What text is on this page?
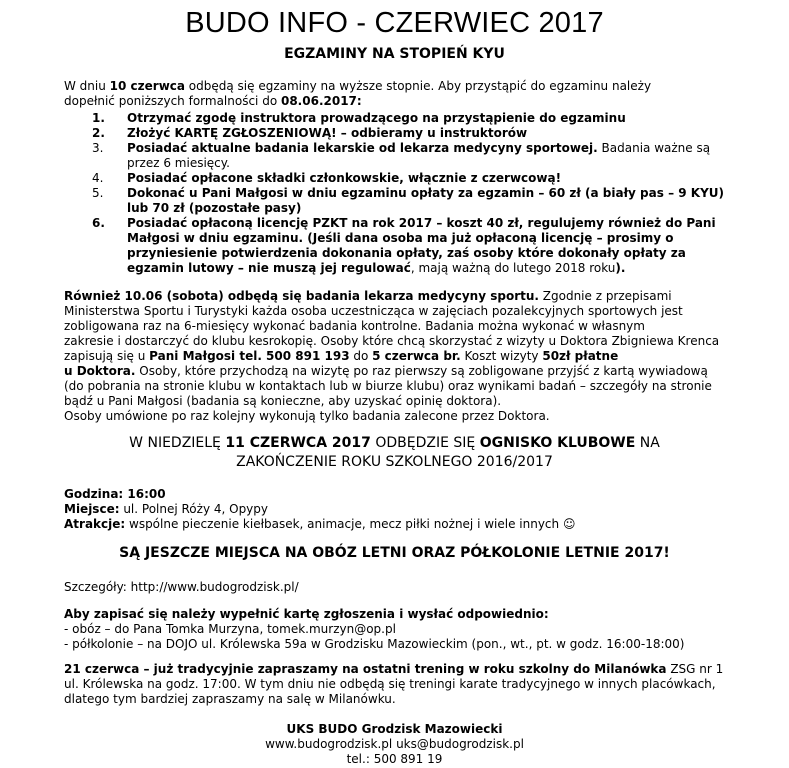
BUDO INFO - CZERWIEC 2017
EGZAMINY NA STOPIEŃ KYU

W dniu 10 czerwca odbędą się egzaminy na wyższe stopnie. Aby przystąpić do egzaminu należy

dopełnić poniższych formalności do 08.06.2017:

1. Otrzymać zgodę instruktora prowadzącego na przystąpienie do egzaminu
2. Złożyć KARTĘ ZGŁOSZENIOWĄ! – odbieramy u instruktorów
3. Posiadać aktualne badania lekarskie od lekarza medycyny sportowej. Badania ważne są przez 6 miesięcy.
4. Posiadać opłacone składki członkowskie, włącznie z czerwcową!
5. Dokonać u Pani Małgosi w dniu egzaminu opłaty za egzamin – 60 zł (a biały pas – 9 KYU) lub 70 zł (pozostałe pasy)
6. Posiadać opłaconą licencję PZKT na rok 2017 – koszt 40 zł, regulujemy również do Pani Małgosi w dniu egzaminu. (Jeśli dana osoba ma już opłaconą licencję – prosimy o przyniesienie potwierdzenia dokonania opłaty, zaś osoby które dokonały opłaty za egzamin lutowy – nie muszą jej regulować, mają ważną do lutego 2018 roku).

Również 10.06 (sobota) odbędą się badania lekarza medycyny sportu. Zgodnie z przepisami Ministerstwa Sportu i Turystyki każda osoba uczestnicząca w zajęciach pozalekcyjnych sportowych jest zobligowana raz na 6-miesięcy wykonać badania kontrolne. Badania można wykonać w własnym

zakresie i dostarczyć do klubu kesrokopię. Osoby które chcą skorzystać z wizyty u Doktora Zbigniewa Krenca zapisują się u Pani Małgosi tel. 500 891 193 do 5 czerwca br. Koszt wizyty 50zł płatne

u Doktora. Osoby, które przychodzą na wizytę po raz pierwszy są zobligowane przyjść z kartą wywiadową (do pobrania na stronie klubu w kontaktach lub w biurze klubu) oraz wynikami badań – szczegóły na stronie bądź u Pani Małgosi (badania są konieczne, aby uzyskać opinię doktora).

Osoby umówione po raz kolejny wykonują tylko badania zalecone przez Doktora.

W NIEDZIELĘ 11 CZERWCA 2017 ODBĘDZIE SIĘ OGNISKO KLUBOWE NA
ZAKOŃCZENIE ROKU SZKOLNEGO 2016/2017
Godzina: 16:00
Miejsce: ul. Polnej Róży 4, Opypy
Atrakcje: wspólne pieczenie kiełbasek, animacje, mecz piłki nożnej i wiele innych ☺
SĄ JESZCZE MIEJSCA NA OBÓZ LETNI ORAZ PÓŁKOLONIE LETNIE 2017!
Szczegóły: http://www.budogrodzisk.pl/
Aby zapisać się należy wypełnić kartę zgłoszenia i wysłać odpowiednio:
- obóz – do Pana Tomka Murzyna, tomek.murzyn@op.pl
- półkolonie – na DOJO ul. Królewska 59a w Grodzisku Mazowieckim (pon., wt., pt. w godz. 16:00-18:00)
21 czerwca – już tradycyjnie zapraszamy na ostatni trening w roku szkolny do Milanówka ZSG nr 1 ul. Królewska na godz. 17:00. W tym dniu nie odbędą się treningi karate tradycyjnego w innych placówkach, dlatego tym bardziej zapraszamy na salę w Milanówku.
UKS BUDO Grodzisk Mazowiecki
www.budogrodzisk.pl uks@budogrodzisk.pl
tel.: 500 891 19
